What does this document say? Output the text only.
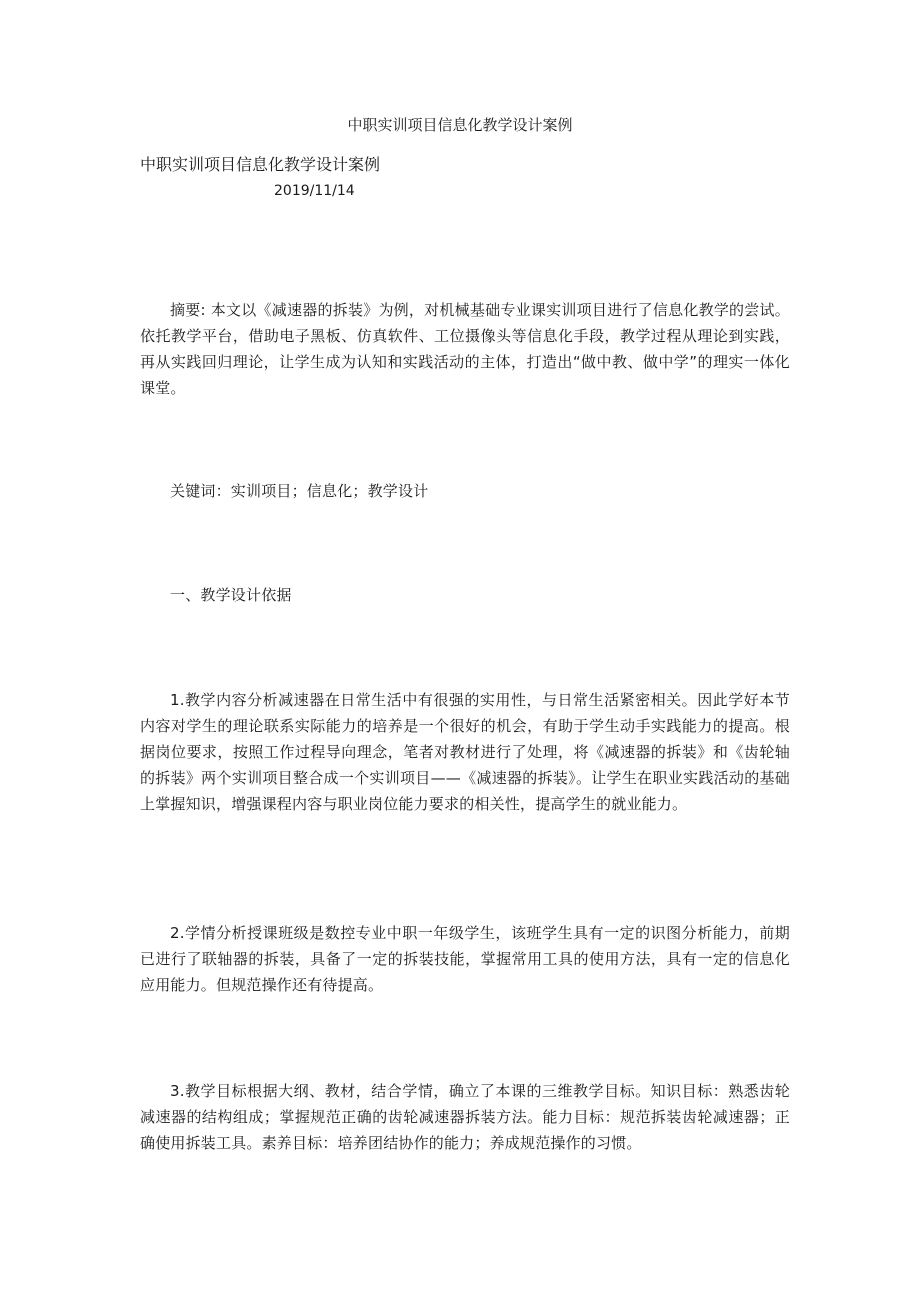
中职实训项目信息化教学设计案例
中职实训项目信息化教学设计案例
2019/11/14

摘要: 本文以《减速器的拆装》为例，对机械基础专业课实训项目进行了信息化教学的尝试。依托教学平台，借助电子黑板、仿真软件、工位摄像头等信息化手段，教学过程从理论到实践，再从实践回归理论，让学生成为认知和实践活动的主体，打造出“做中教、做中学”的理实一体化课堂。

关键词：实训项目；信息化；教学设计

一、教学设计依据

1.教学内容分析减速器在日常生活中有很强的实用性，与日常生活紧密相关。因此学好本节内容对学生的理论联系实际能力的培养是一个很好的机会，有助于学生动手实践能力的提高。根据岗位要求，按照工作过程导向理念，笔者对教材进行了处理，将《减速器的拆装》和《齿轮轴的拆装》两个实训项目整合成一个实训项目——《减速器的拆装》。让学生在职业实践活动的基础上掌握知识，增强课程内容与职业岗位能力要求的相关性，提高学生的就业能力。

2.学情分析授课班级是数控专业中职一年级学生，该班学生具有一定的识图分析能力，前期已进行了联轴器的拆装，具备了一定的拆装技能，掌握常用工具的使用方法，具有一定的信息化应用能力。但规范操作还有待提高。

3.教学目标根据大纲、教材，结合学情，确立了本课的三维教学目标。知识目标：熟悉齿轮减速器的结构组成；掌握规范正确的齿轮减速器拆装方法。能力目标：规范拆装齿轮减速器；正确使用拆装工具。素养目标：培养团结协作的能力；养成规范操作的习惯。
